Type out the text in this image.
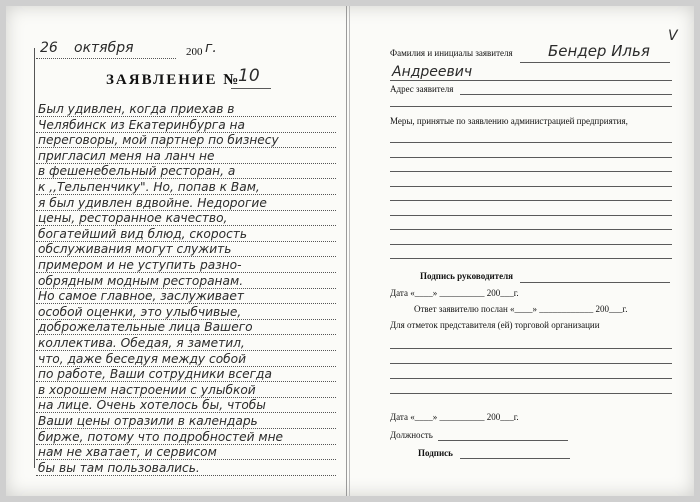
26 октября	200 г.
ЗАЯВЛЕНИЕ №
10
Был удивлен, когда приехав в
Челябинск из Екатеринбурга на
переговоры, мой партнер по бизнесу
пригласил меня на ланч не
в фешенебельный ресторан, а
к ,,Тельпенчику". Но, попав к Вам,
я был удивлен вдвойне. Недорогие
цены, ресторанное качество,
богатейший вид блюд, скорость
обслуживания могут служить
примером и не уступить разно-
обрядным модным ресторанам.
Но самое главное, заслуживает
особой оценки, это улыбчивые,
доброжелательные лица Вашего
коллектива. Обедая, я заметил,
что, даже беседуя между собой
по работе, Ваши сотрудники всегда
в хорошем настроении с улыбкой
на лице. Очень хотелось бы, чтобы
Ваши цены отразили в календарь
бирже, потому что подробностей мне
нам не хватает, и сервисом
бы вы там пользовались.
V
Фамилия и инициалы заявителя Бендер Илья
Андреевич
Адрес заявителя
Меры, принятые по заявлению администрацией предприятия,
Подпись руководителя
Дата «____» __________ 200___г.
Ответ заявителю послан «____» ____________ 200___г.
Для отметок представителя (ей) торговой организации
Дата «____» __________ 200___г.
Должность
Подпись
